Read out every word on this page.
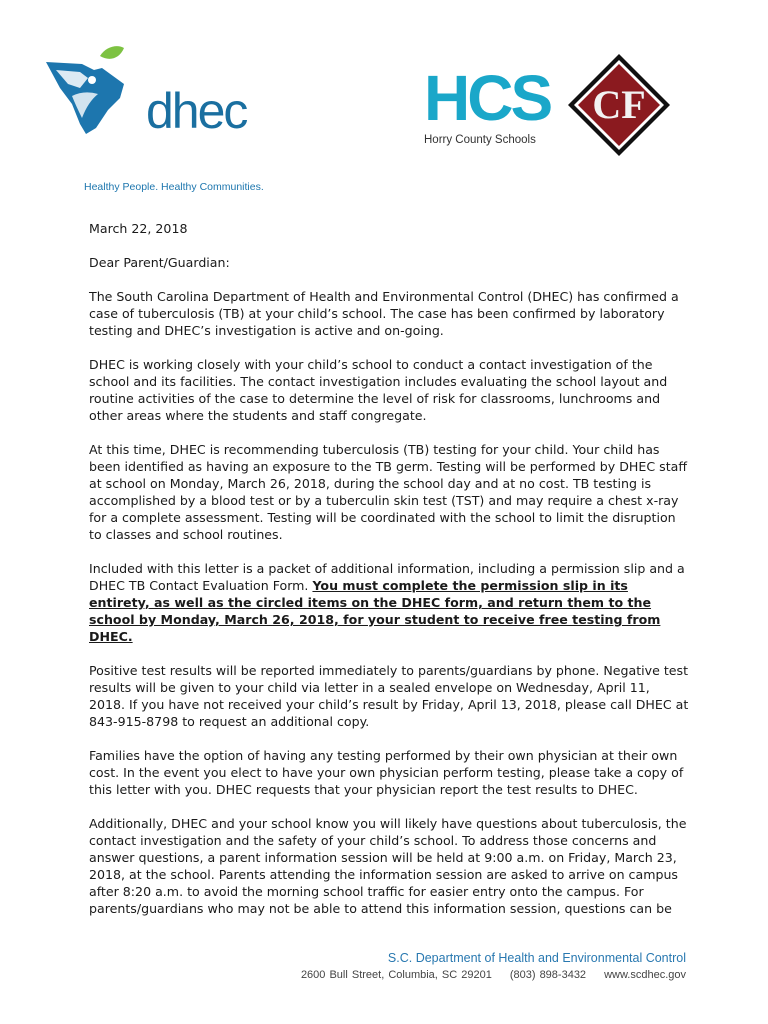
dhec
Healthy People. Healthy Communities.
HCS
Horry County Schools
CF

March 22, 2018

Dear Parent/Guardian:

The South Carolina Department of Health and Environmental Control (DHEC) has confirmed a case of tuberculosis (TB) at your child’s school. The case has been confirmed by laboratory testing and DHEC’s investigation is active and on-going.

DHEC is working closely with your child’s school to conduct a contact investigation of the school and its facilities. The contact investigation includes evaluating the school layout and routine activities of the case to determine the level of risk for classrooms, lunchrooms and other areas where the students and staff congregate.

At this time, DHEC is recommending tuberculosis (TB) testing for your child. Your child has been identified as having an exposure to the TB germ. Testing will be performed by DHEC staff at school on Monday, March 26, 2018, during the school day and at no cost. TB testing is accomplished by a blood test or by a tuberculin skin test (TST) and may require a chest x-ray for a complete assessment. Testing will be coordinated with the school to limit the disruption to classes and school routines.

Included with this letter is a packet of additional information, including a permission slip and a DHEC TB Contact Evaluation Form. You must complete the permission slip in its entirety, as well as the circled items on the DHEC form, and return them to the school by Monday, March 26, 2018, for your student to receive free testing from DHEC.

Positive test results will be reported immediately to parents/guardians by phone. Negative test results will be given to your child via letter in a sealed envelope on Wednesday, April 11, 2018. If you have not received your child’s result by Friday, April 13, 2018, please call DHEC at 843-915-8798 to request an additional copy.

Families have the option of having any testing performed by their own physician at their own cost. In the event you elect to have your own physician perform testing, please take a copy of this letter with you. DHEC requests that your physician report the test results to DHEC.

Additionally, DHEC and your school know you will likely have questions about tuberculosis, the contact investigation and the safety of your child’s school. To address those concerns and answer questions, a parent information session will be held at 9:00 a.m. on Friday, March 23, 2018, at the school. Parents attending the information session are asked to arrive on campus after 8:20 a.m. to avoid the morning school traffic for easier entry onto the campus. For parents/guardians who may not be able to attend this information session, questions can be

S.C. Department of Health and Environmental Control
2600 Bull Street, Columbia, SC 29201 (803) 898-3432 www.scdhec.gov
